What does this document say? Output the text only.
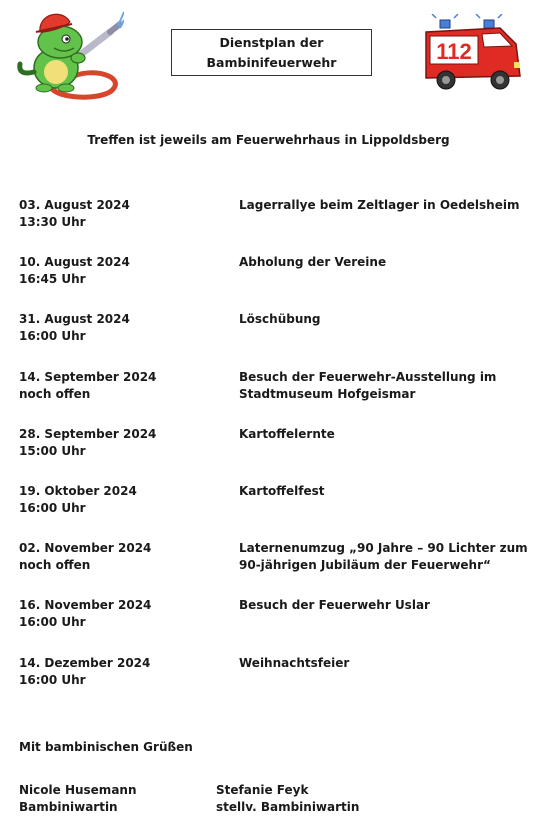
Dienstplan der
Bambinifeuerwehr	112
Treffen ist jeweils am Feuerwehrhaus in Lippoldsberg
03. August 2024
13:30 Uhr
Lagerrallye beim Zeltlager in Oedelsheim
10. August 2024
16:45 Uhr
Abholung der Vereine
31. August 2024
16:00 Uhr
Löschübung
14. September 2024
noch offen
Besuch der Feuerwehr-Ausstellung im
Stadtmuseum Hofgeismar
28. September 2024
15:00 Uhr
Kartoffelernte
19. Oktober 2024
16:00 Uhr
Kartoffelfest
02. November 2024
noch offen
Laternenumzug „90 Jahre – 90 Lichter zum
90-jährigen Jubiläum der Feuerwehr“
16. November 2024
16:00 Uhr
Besuch der Feuerwehr Uslar
14. Dezember 2024
16:00 Uhr
Weihnachtsfeier
Mit bambinischen Grüßen
Nicole Husemann
Bambiniwartin
Stefanie Feyk
stellv. Bambiniwartin
